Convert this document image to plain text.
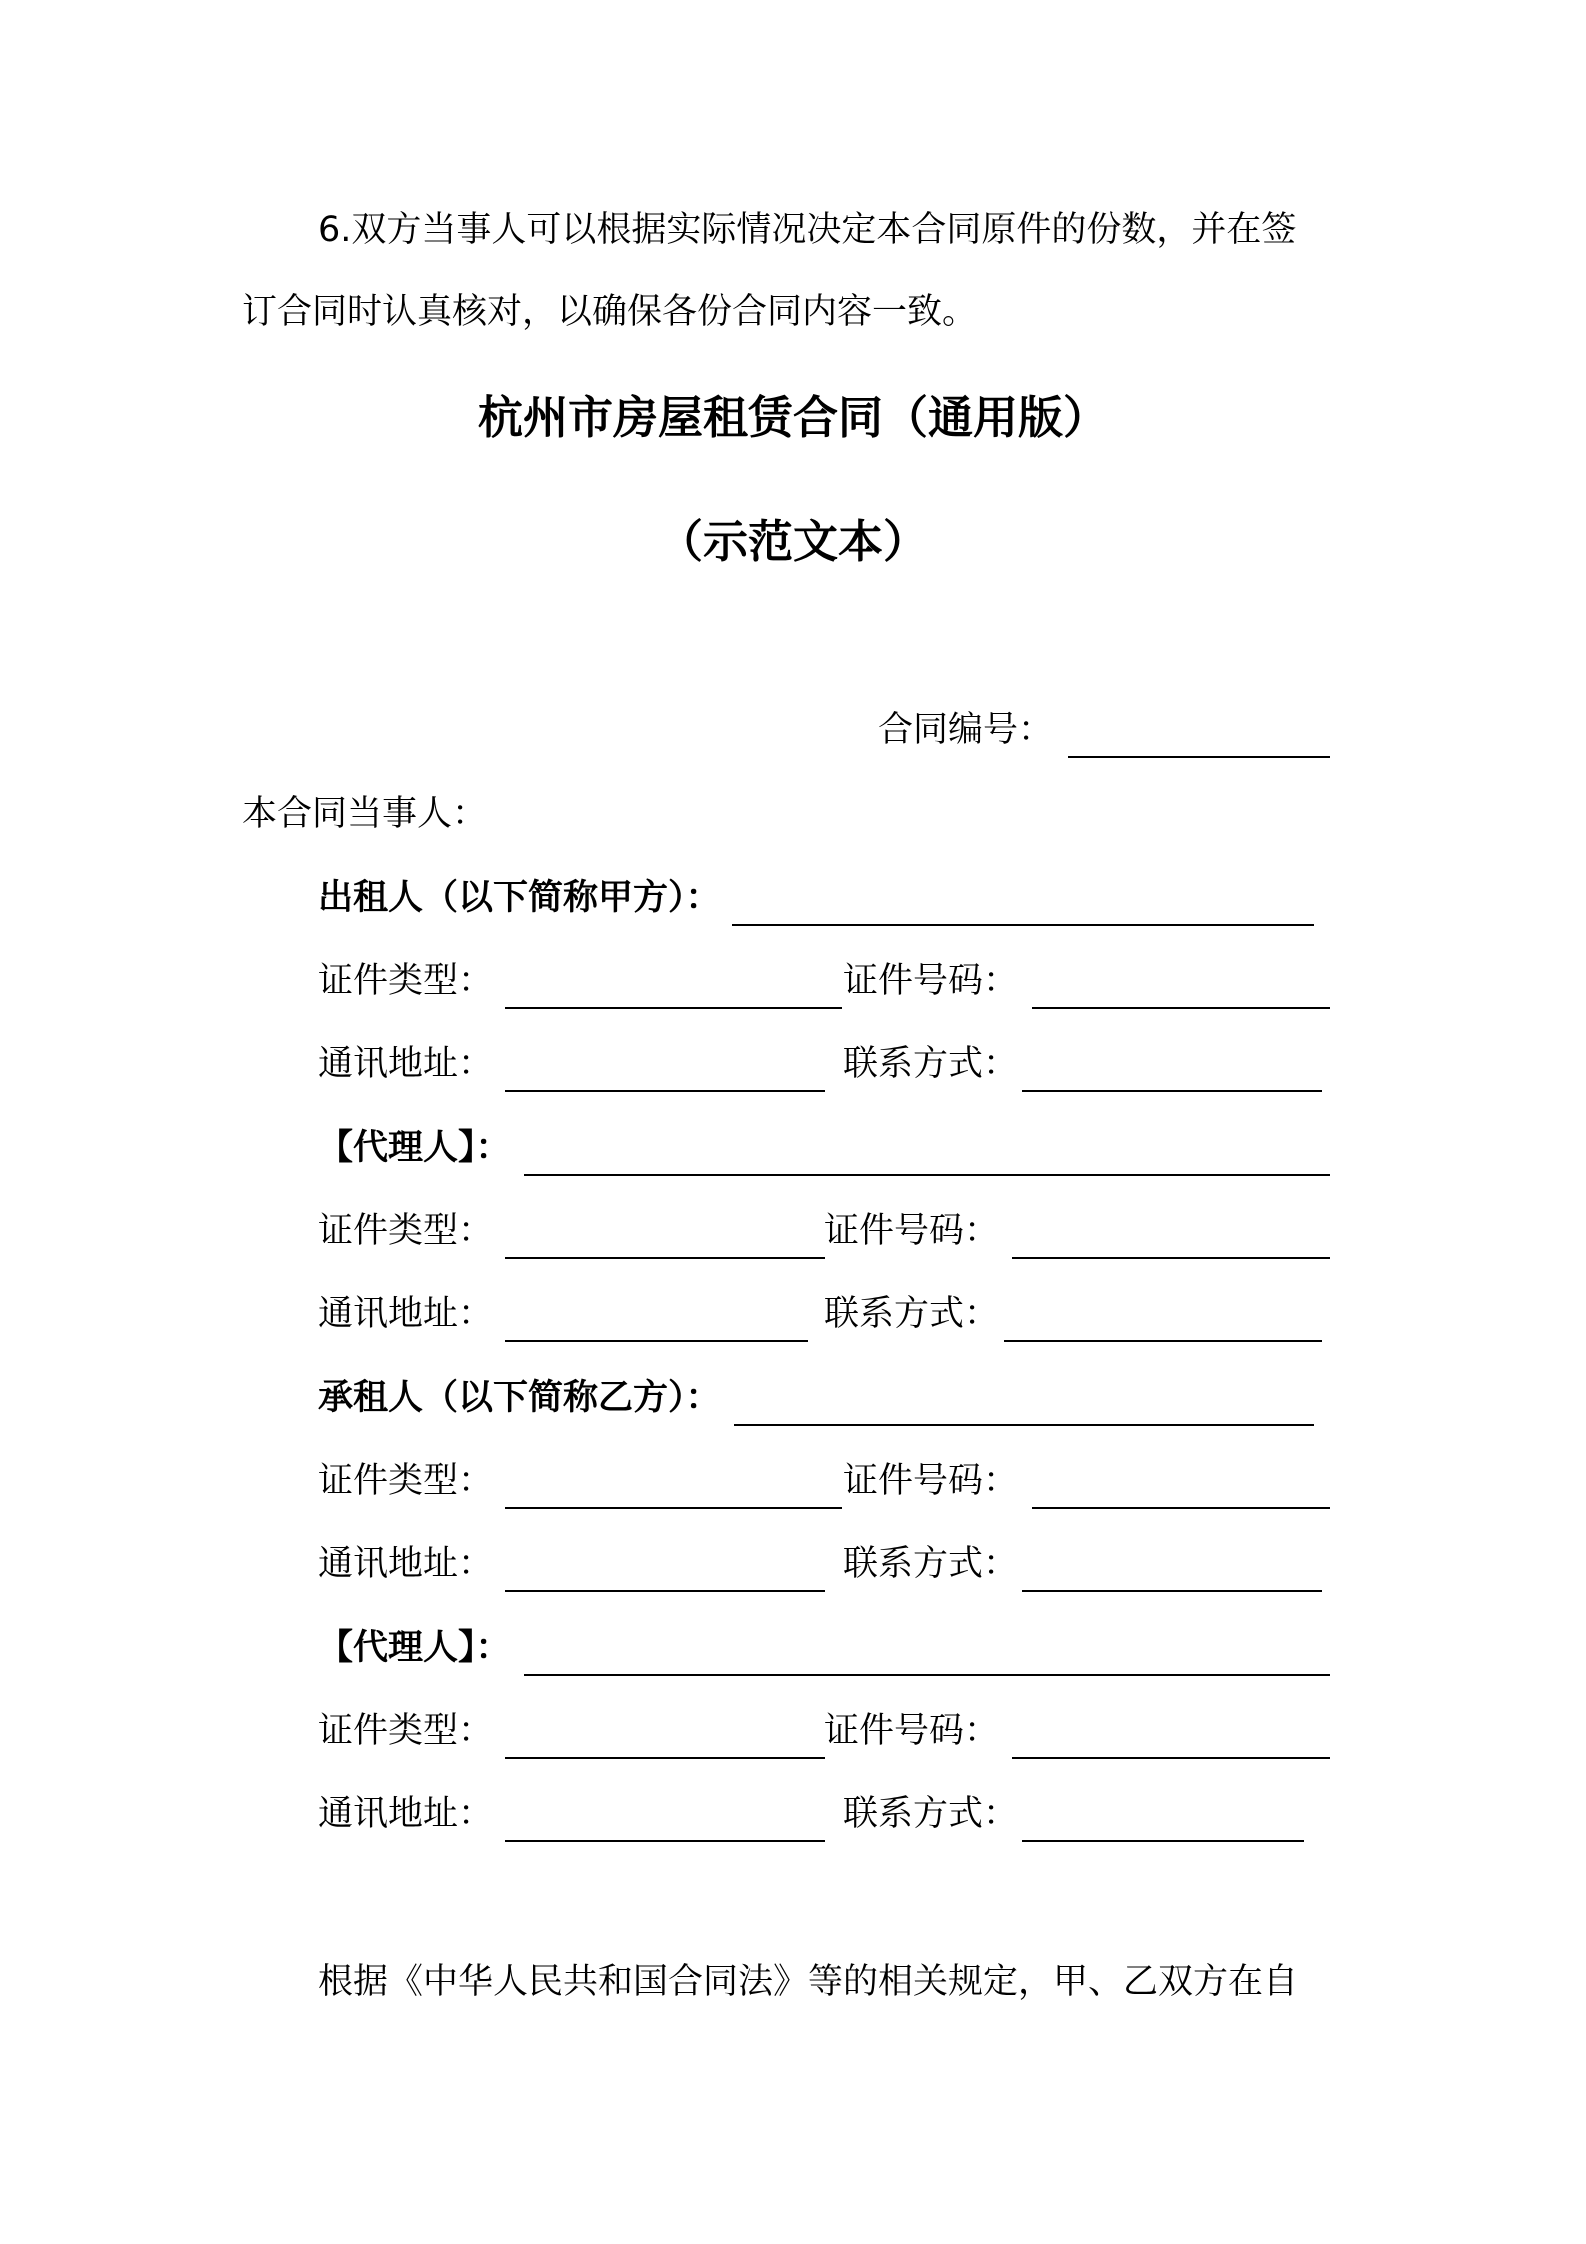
6.双方当事人可以根据实际情况决定本合同原件的份数，并在签
订合同时认真核对，以确保各份合同内容一致。
杭州市房屋租赁合同（通用版）
（示范文本）
合同编号：
本合同当事人：
出租人（以下简称甲方）：
证件类型：	证件号码：
通讯地址：	联系方式：
【代理人】：
证件类型：	证件号码：
通讯地址：	联系方式：
承租人（以下简称乙方）：
证件类型：	证件号码：
通讯地址：	联系方式：
【代理人】：
证件类型：	证件号码：
通讯地址：	联系方式：
根据《中华人民共和国合同法》等的相关规定，甲、乙双方在自
